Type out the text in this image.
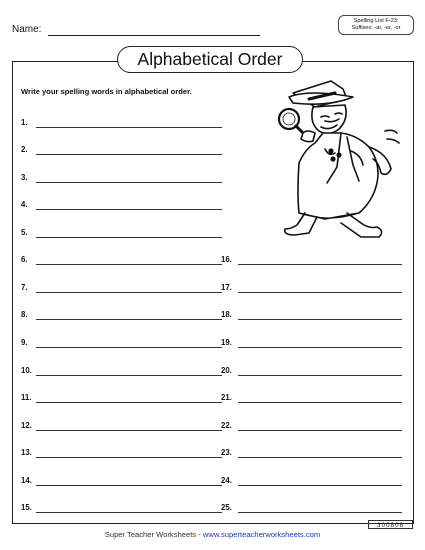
Name:
Spelling List F-23:
Suffixes: -ar, -er, -or
Alphabetical Order
Write your spelling words in alphabetical order.
1.
2.
3.
4.
5.
6.
7.
8.
9.
10.
11.
12.
13.
14.
15.
16.
17.
18.
19.
20.
21.
22.
23.
24.
25.
Super Teacher Worksheets - www.superteacherworksheets.com
300806
